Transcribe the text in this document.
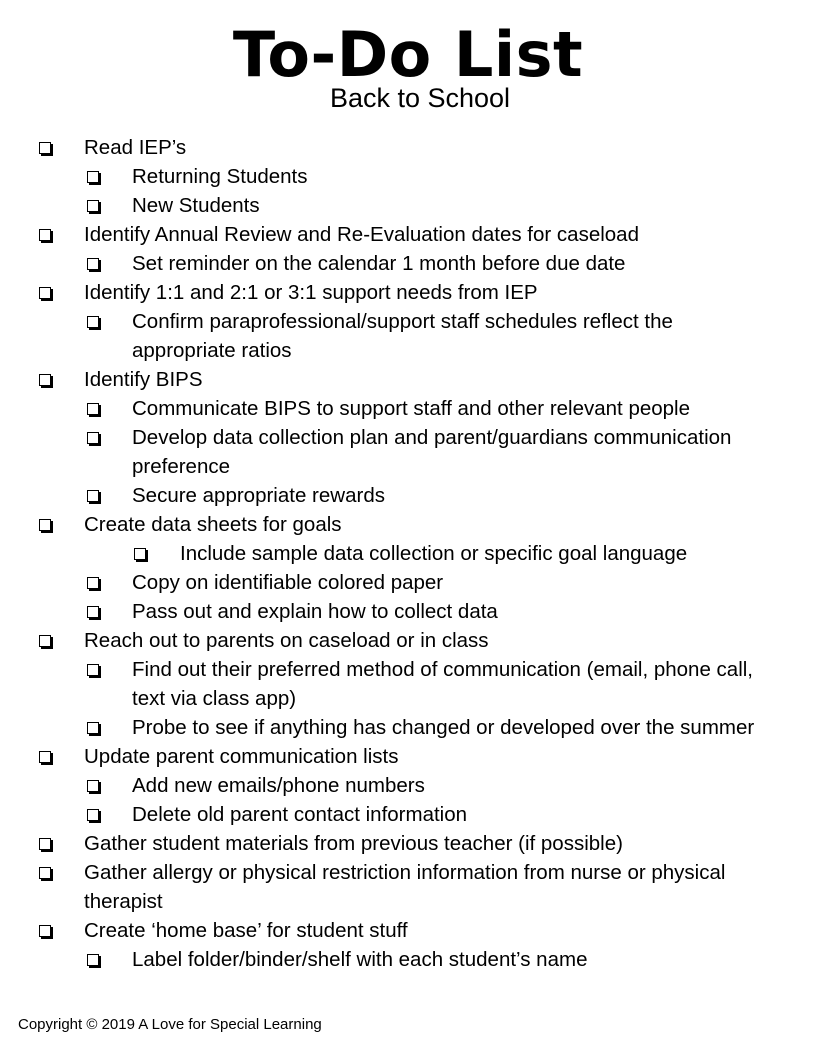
To-Do List
Back to School
Read IEP’s
Returning Students
New Students
Identify Annual Review and Re-Evaluation dates for caseload
Set reminder on the calendar 1 month before due date
Identify 1:1 and 2:1 or 3:1 support needs from IEP
Confirm paraprofessional/support staff schedules reflect the
appropriate ratios
Identify BIPS
Communicate BIPS to support staff and other relevant people
Develop data collection plan and parent/guardians communication
preference
Secure appropriate rewards
Create data sheets for goals
Include sample data collection or specific goal language
Copy on identifiable colored paper
Pass out and explain how to collect data
Reach out to parents on caseload or in class
Find out their preferred method of communication (email, phone call,
text via class app)
Probe to see if anything has changed or developed over the summer
Update parent communication lists
Add new emails/phone numbers
Delete old parent contact information
Gather student materials from previous teacher (if possible)
Gather allergy or physical restriction information from nurse or physical
therapist
Create ‘home base’ for student stuff
Label folder/binder/shelf with each student’s name
Copyright © 2019 A Love for Special Learning
